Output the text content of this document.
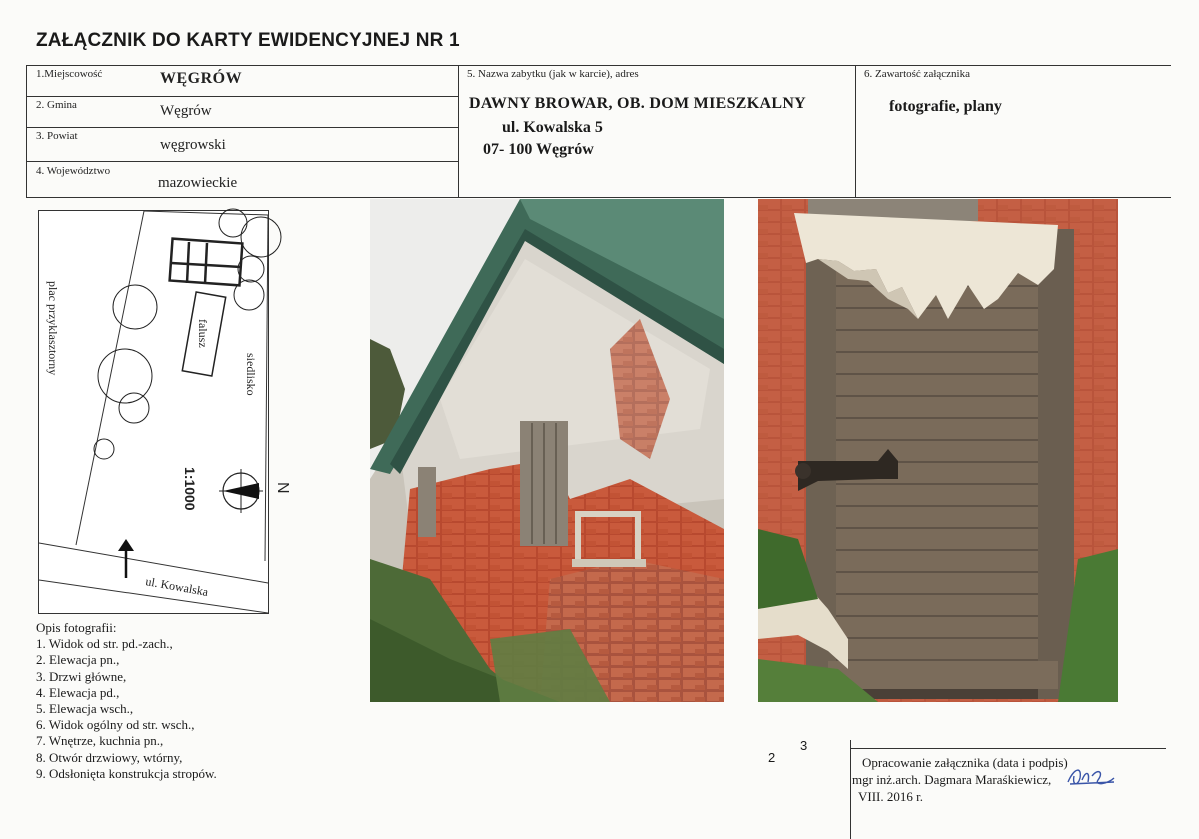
ZAŁĄCZNIK DO KARTY EWIDENCYJNEJ NR 1
1.Miejscowość	WĘGRÓW
2. Gmina	Węgrów
3. Powiat
węgrowski
4. Województwo
mazowieckie
5. Nazwa zabytku (jak w karcie), adres
DAWNY BROWAR, OB. DOM MIESZKALNY
ul. Kowalska 5
07- 100 Węgrów
6. Zawartość załącznika
fotografie, plany
plac przyklasztorny	siedlisko
falusz
ul. Kowalska
1:1000	N
Opis fotografii:
1. Widok od str. pd.-zach.,
2. Elewacja pn.,
3. Drzwi główne,
4. Elewacja pd.,
5. Elewacja wsch.,
6. Widok ogólny od str. wsch.,
7. Wnętrze, kuchnia pn.,
8. Otwór drzwiowy, wtórny,
9. Odsłonięta konstrukcja stropów.
2
3
Opracowanie załącznika (data i podpis)
mgr inż.arch. Dagmara Maraśkiewicz,
VIII. 2016 r.
